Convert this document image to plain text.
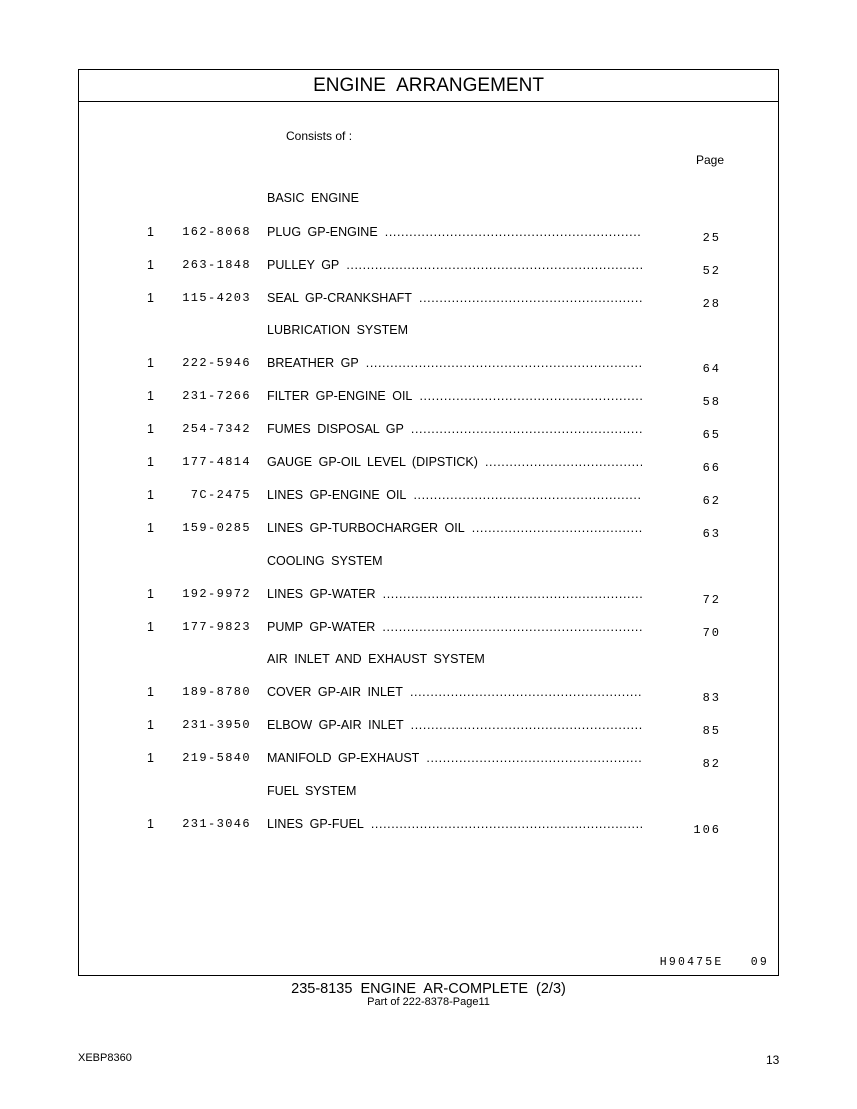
ENGINE ARRANGEMENT
Consists of :
Page
BASIC ENGINE
1	162-8068 PLUG GP-ENGINE .....	25
1	263-1848 PULLEY GP .....	52
1	115-4203 SEAL GP-CRANKSHAFT .....	28
LUBRICATION SYSTEM
1	222-5946 BREATHER GP .....	64
1	231-7266 FILTER GP-ENGINE OIL .....	58
1	254-7342 FUMES DISPOSAL GP .....	65
1	177-4814 GAUGE GP-OIL LEVEL (DIPSTICK) .....	66
1	7C-2475 LINES GP-ENGINE OIL .....	62
1	159-0285 LINES GP-TURBOCHARGER OIL .....	63
COOLING SYSTEM
1	192-9972 LINES GP-WATER .....	72
1	177-9823 PUMP GP-WATER .....	70
AIR INLET AND EXHAUST SYSTEM
1	189-8780 COVER GP-AIR INLET .....	83
1	231-3950 ELBOW GP-AIR INLET .....	85
1	219-5840 MANIFOLD GP-EXHAUST .....	82
FUEL SYSTEM
1	231-3046 LINES GP-FUEL .....	106
H90475E   09
235-8135 ENGINE AR-COMPLETE (2/3)
Part of 222-8378-Page11
XEBP8360	13
